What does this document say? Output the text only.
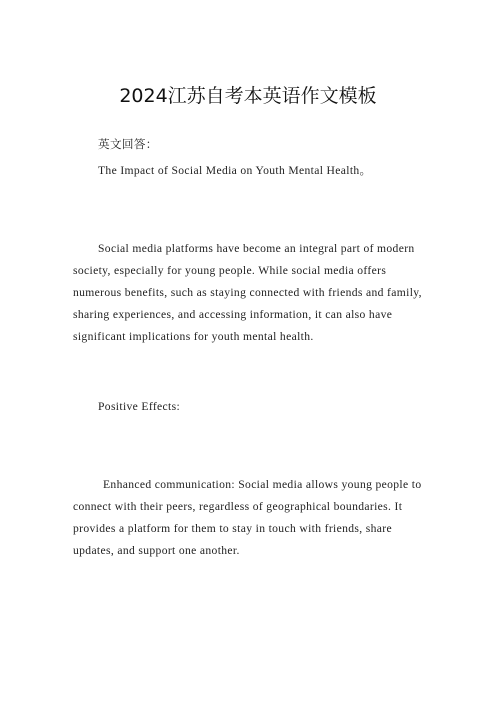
2024江苏自考本英语作文模板

英文回答：

The Impact of Social Media on Youth Mental Health。

Social media platforms have become an integral part of modern society, especially for young people. While social media offers numerous benefits, such as staying connected with friends and family, sharing experiences, and accessing information, it can also have significant implications for youth mental health.

Positive Effects:

Enhanced communication: Social media allows young people to connect with their peers, regardless of geographical boundaries. It provides a platform for them to stay in touch with friends, share updates, and support one another.
